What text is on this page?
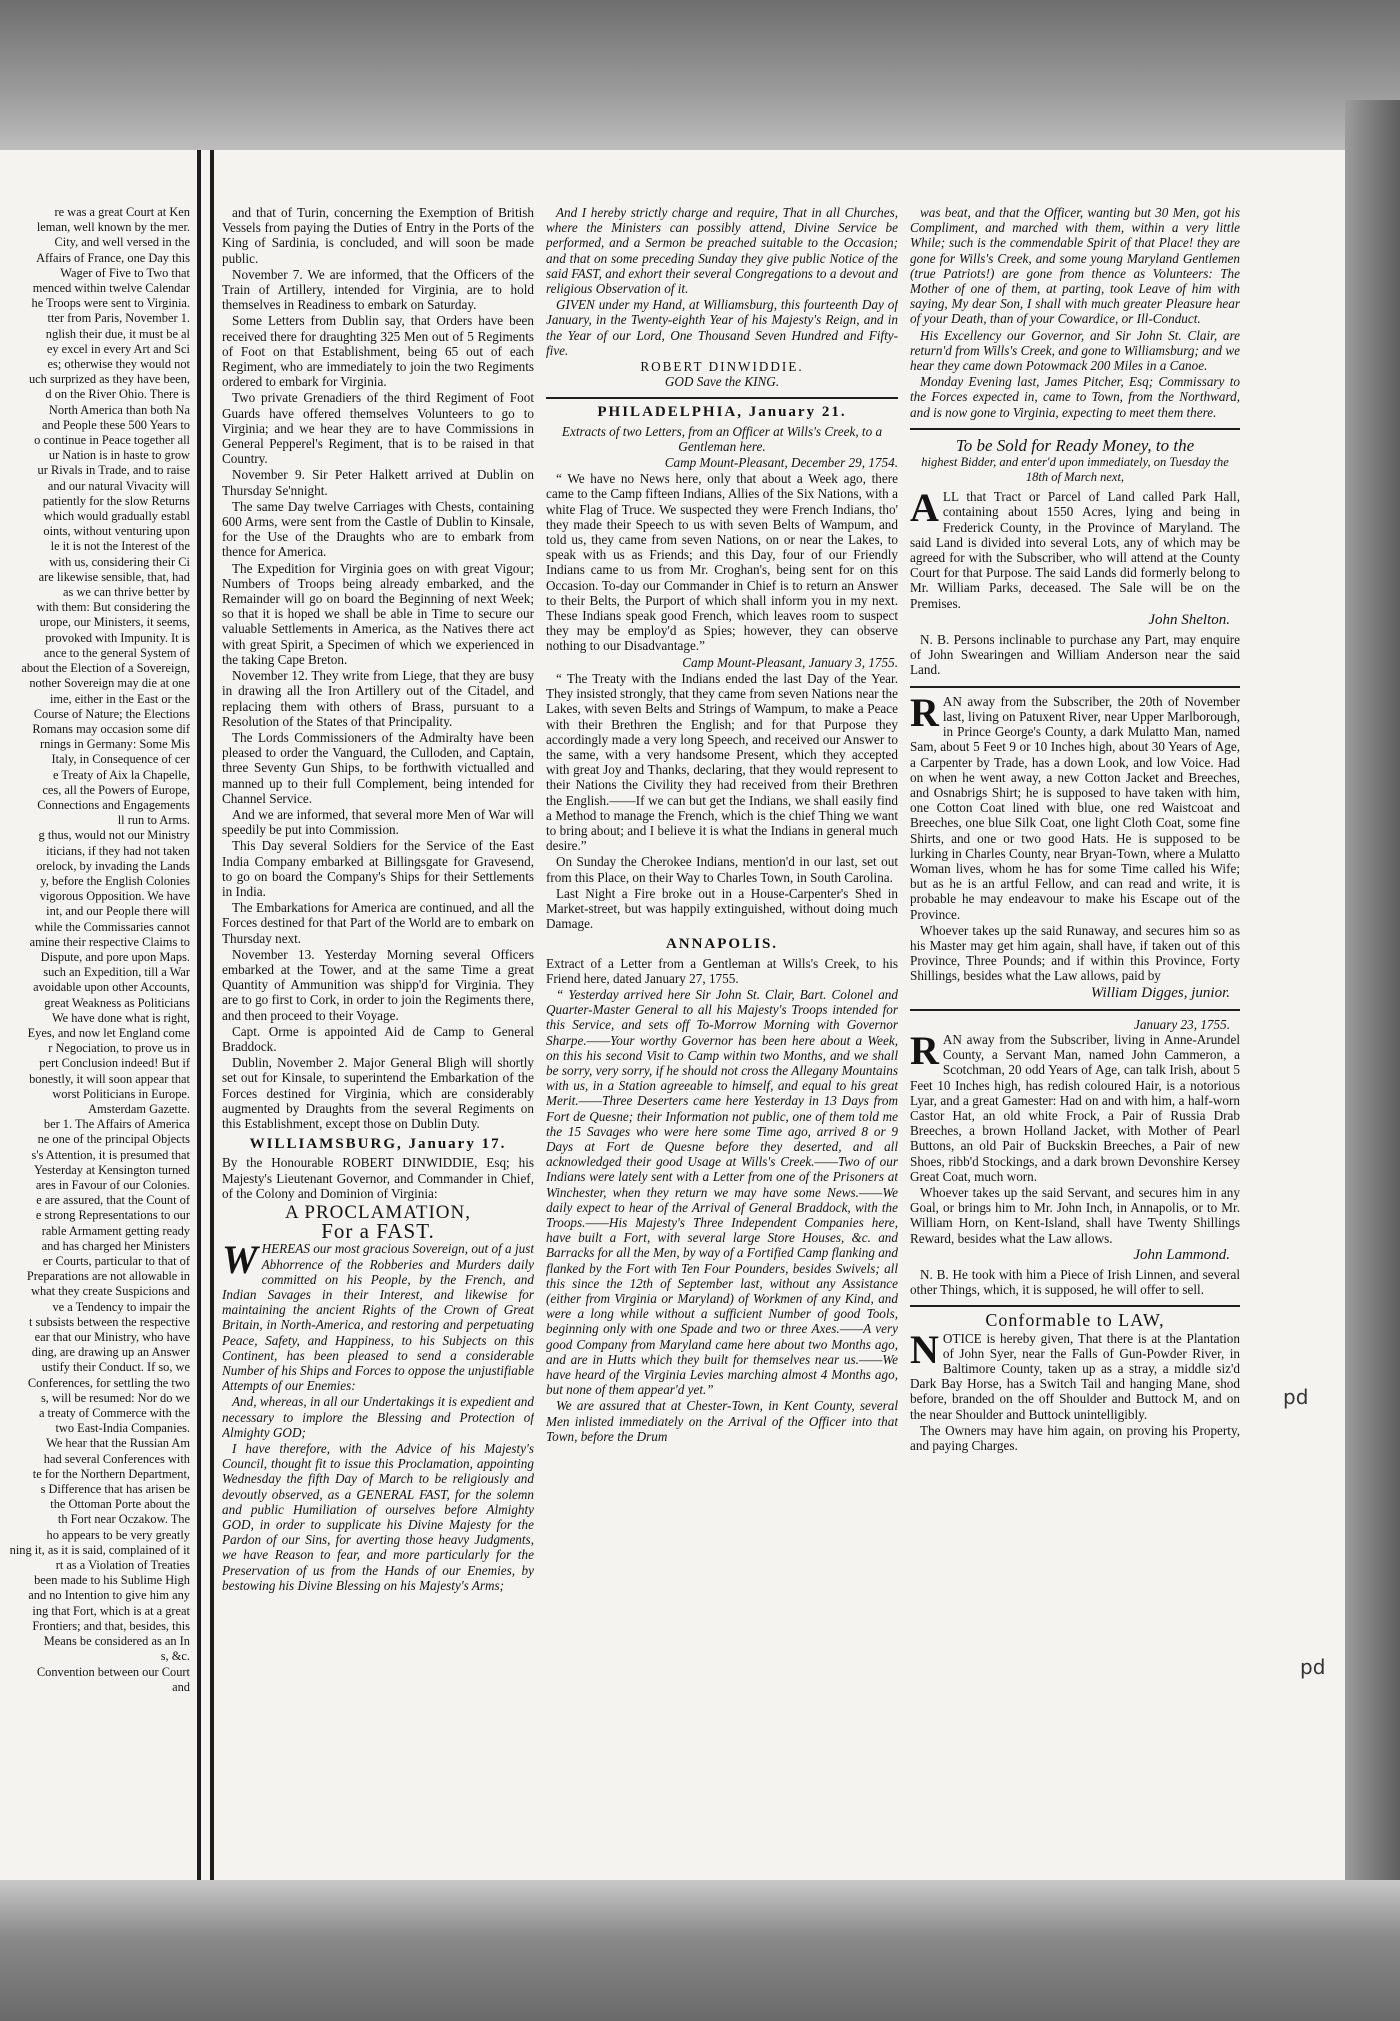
re was a great Court at Ken
leman, well known by the mer.
City, and well versed in the
Affairs of France, one Day this
Wager of Five to Two that
menced within twelve Calendar
he Troops were sent to Virginia.
tter from Paris, November 1.
nglish their due, it must be al
ey excel in every Art and Sci
es; otherwise they would not
uch surprized as they have been,
d on the River Ohio. There is
North America than both Na
and People these 500 Years to
o continue in Peace together all
ur Nation is in haste to grow
ur Rivals in Trade, and to raise
and our natural Vivacity will
patiently for the slow Returns
which would gradually establ
oints, without venturing upon
le it is not the Interest of the
with us, considering their Ci
are likewise sensible, that, had
as we can thrive better by
with them: But considering the
urope, our Ministers, it seems,
provoked with Impunity. It is
ance to the general System of
about the Election of a Sovereign,
nother Sovereign may die at one
ime, either in the East or the
Course of Nature; the Elections
Romans may occasion some dif
rnings in Germany: Some Mis
Italy, in Consequence of cer
e Treaty of Aix la Chapelle,
ces, all the Powers of Europe,
Connections and Engagements
ll run to Arms.
g thus, would not our Ministry
iticians, if they had not taken
orelock, by invading the Lands
y, before the English Colonies
vigorous Opposition. We have
int, and our People there will
while the Commissaries cannot
amine their respective Claims to
Dispute, and pore upon Maps.
such an Expedition, till a War
avoidable upon other Accounts,
great Weakness as Politicians
We have done what is right,
Eyes, and now let England come
r Negociation, to prove us in
pert Conclusion indeed! But if
bonestly, it will soon appear that
worst Politicians in Europe.
Amsterdam Gazette.
ber 1. The Affairs of America
ne one of the principal Objects
s's Attention, it is presumed that
Yesterday at Kensington turned
ares in Favour of our Colonies.
e are assured, that the Count of
e strong Representations to our
rable Armament getting ready
and has charged her Ministers
er Courts, particular to that of
Preparations are not allowable in
what they create Suspicions and
ve a Tendency to impair the
t subsists between the respective
ear that our Ministry, who have
ding, are drawing up an Answer
ustify their Conduct. If so, we
Conferences, for settling the two
s, will be resumed: Nor do we
a treaty of Commerce with the
two East-India Companies.
We hear that the Russian Am
had several Conferences with
te for the Northern Department,
s Difference that has arisen be
the Ottoman Porte about the
th Fort near Oczakow. The
ho appears to be very greatly
ning it, as it is said, complained of it
rt as a Violation of Treaties
been made to his Sublime High
and no Intention to give him any
ing that Fort, which is at a great
Frontiers; and that, besides, this
Means be considered as an In
s, &c.
Convention between our Court
and

and that of Turin, concerning the Exemption of British Vessels from paying the Duties of Entry in the Ports of the King of Sardinia, is concluded, and will soon be made public.

November 7. We are informed, that the Officers of the Train of Artillery, intended for Virginia, are to hold themselves in Readiness to embark on Saturday.

Some Letters from Dublin say, that Orders have been received there for draughting 325 Men out of 5 Regiments of Foot on that Establishment, being 65 out of each Regiment, who are immediately to join the two Regiments ordered to embark for Virginia.

Two private Grenadiers of the third Regiment of Foot Guards have offered themselves Volunteers to go to Virginia; and we hear they are to have Commissions in General Pepperel's Regiment, that is to be raised in that Country.

November 9. Sir Peter Halkett arrived at Dublin on Thursday Se'nnight.

The same Day twelve Carriages with Chests, containing 600 Arms, were sent from the Castle of Dublin to Kinsale, for the Use of the Draughts who are to embark from thence for America.

The Expedition for Virginia goes on with great Vigour; Numbers of Troops being already embarked, and the Remainder will go on board the Beginning of next Week; so that it is hoped we shall be able in Time to secure our valuable Settlements in America, as the Natives there act with great Spirit, a Specimen of which we experienced in the taking Cape Breton.

November 12. They write from Liege, that they are busy in drawing all the Iron Artillery out of the Citadel, and replacing them with others of Brass, pursuant to a Resolution of the States of that Principality.

The Lords Commissioners of the Admiralty have been pleased to order the Vanguard, the Culloden, and Captain, three Seventy Gun Ships, to be forthwith victualled and manned up to their full Complement, being intended for Channel Service.

And we are informed, that several more Men of War will speedily be put into Commission.

This Day several Soldiers for the Service of the East India Company embarked at Billingsgate for Gravesend, to go on board the Company's Ships for their Settlements in India.

The Embarkations for America are continued, and all the Forces destined for that Part of the World are to embark on Thursday next.

November 13. Yesterday Morning several Officers embarked at the Tower, and at the same Time a great Quantity of Ammunition was shipp'd for Virginia. They are to go first to Cork, in order to join the Regiments there, and then proceed to their Voyage.

Capt. Orme is appointed Aid de Camp to General Braddock.

Dublin, November 2. Major General Bligh will shortly set out for Kinsale, to superintend the Embarkation of the Forces destined for Virginia, which are considerably augmented by Draughts from the several Regiments on this Establishment, except those on Dublin Duty.

WILLIAMSBURG, January 17.

By the Honourable ROBERT DINWIDDIE, Esq; his Majesty's Lieutenant Governor, and Commander in Chief, of the Colony and Dominion of Virginia:

A PROCLAMATION,
For a FAST.

WHEREAS our most gracious Sovereign, out of a just Abhorrence of the Robberies and Murders daily committed on his People, by the French, and Indian Savages in their Interest, and likewise for maintaining the ancient Rights of the Crown of Great Britain, in North-America, and restoring and perpetuating Peace, Safety, and Happiness, to his Subjects on this Continent, has been pleased to send a considerable Number of his Ships and Forces to oppose the unjustifiable Attempts of our Enemies:

And, whereas, in all our Undertakings it is expedient and necessary to implore the Blessing and Protection of Almighty GOD;

I have therefore, with the Advice of his Majesty's Council, thought fit to issue this Proclamation, appointing Wednesday the fifth Day of March to be religiously and devoutly observed, as a GENERAL FAST, for the solemn and public Humiliation of ourselves before Almighty GOD, in order to supplicate his Divine Majesty for the Pardon of our Sins, for averting those heavy Judgments, we have Reason to fear, and more particularly for the Preservation of us from the Hands of our Enemies, by bestowing his Divine Blessing on his Majesty's Arms;

And I hereby strictly charge and require, That in all Churches, where the Ministers can possibly attend, Divine Service be performed, and a Sermon be preached suitable to the Occasion; and that on some preceding Sunday they give public Notice of the said FAST, and exhort their several Congregations to a devout and religious Observation of it.

GIVEN under my Hand, at Williamsburg, this fourteenth Day of January, in the Twenty-eighth Year of his Majesty's Reign, and in the Year of our Lord, One Thousand Seven Hundred and Fifty-five.

ROBERT DINWIDDIE.
GOD Save the KING.
PHILADELPHIA, January 21.

Extracts of two Letters, from an Officer at Wills's Creek, to a Gentleman here.

Camp Mount-Pleasant, December 29, 1754.

“ We have no News here, only that about a Week ago, there came to the Camp fifteen Indians, Allies of the Six Nations, with a white Flag of Truce. We suspected they were French Indians, tho' they made their Speech to us with seven Belts of Wampum, and told us, they came from seven Nations, on or near the Lakes, to speak with us as Friends; and this Day, four of our Friendly Indians came to us from Mr. Croghan's, being sent for on this Occasion. To-day our Commander in Chief is to return an Answer to their Belts, the Purport of which shall inform you in my next. These Indians speak good French, which leaves room to suspect they may be employ'd as Spies; however, they can observe nothing to our Disadvantage.”

Camp Mount-Pleasant, January 3, 1755.

“ The Treaty with the Indians ended the last Day of the Year. They insisted strongly, that they came from seven Nations near the Lakes, with seven Belts and Strings of Wampum, to make a Peace with their Brethren the English; and for that Purpose they accordingly made a very long Speech, and received our Answer to the same, with a very handsome Present, which they accepted with great Joy and Thanks, declaring, that they would represent to their Nations the Civility they had received from their Brethren the English.——If we can but get the Indians, we shall easily find a Method to manage the French, which is the chief Thing we want to bring about; and I believe it is what the Indians in general much desire.”

On Sunday the Cherokee Indians, mention'd in our last, set out from this Place, on their Way to Charles Town, in South Carolina.

Last Night a Fire broke out in a House-Carpenter's Shed in Market-street, but was happily extinguished, without doing much Damage.

ANNAPOLIS.

Extract of a Letter from a Gentleman at Wills's Creek, to his Friend here, dated January 27, 1755.

“ Yesterday arrived here Sir John St. Clair, Bart. Colonel and Quarter-Master General to all his Majesty's Troops intended for this Service, and sets off To-Morrow Morning with Governor Sharpe.——Your worthy Governor has been here about a Week, on this his second Visit to Camp within two Months, and we shall be sorry, very sorry, if he should not cross the Allegany Mountains with us, in a Station agreeable to himself, and equal to his great Merit.——Three Deserters came here Yesterday in 13 Days from Fort de Quesne; their Information not public, one of them told me the 15 Savages who were here some Time ago, arrived 8 or 9 Days at Fort de Quesne before they deserted, and all acknowledged their good Usage at Wills's Creek.——Two of our Indians were lately sent with a Letter from one of the Prisoners at Winchester, when they return we may have some News.——We daily expect to hear of the Arrival of General Braddock, with the Troops.——His Majesty's Three Independent Companies here, have built a Fort, with several large Store Houses, &c. and Barracks for all the Men, by way of a Fortified Camp flanking and flanked by the Fort with Ten Four Pounders, besides Swivels; all this since the 12th of September last, without any Assistance (either from Virginia or Maryland) of Workmen of any Kind, and were a long while without a sufficient Number of good Tools, beginning only with one Spade and two or three Axes.——A very good Company from Maryland came here about two Months ago, and are in Hutts which they built for themselves near us.——We have heard of the Virginia Levies marching almost 4 Months ago, but none of them appear'd yet.”

We are assured that at Chester-Town, in Kent County, several Men inlisted immediately on the Arrival of the Officer into that Town, before the Drum

was beat, and that the Officer, wanting but 30 Men, got his Compliment, and marched with them, within a very little While; such is the commendable Spirit of that Place! they are gone for Wills's Creek, and some young Maryland Gentlemen (true Patriots!) are gone from thence as Volunteers: The Mother of one of them, at parting, took Leave of him with saying, My dear Son, I shall with much greater Pleasure hear of your Death, than of your Cowardice, or Ill-Conduct.

His Excellency our Governor, and Sir John St. Clair, are return'd from Wills's Creek, and gone to Williamsburg; and we hear they came down Potowmack 200 Miles in a Canoe.

Monday Evening last, James Pitcher, Esq; Commissary to the Forces expected in, came to Town, from the Northward, and is now gone to Virginia, expecting to meet them there.

To be Sold for Ready Money, to the
highest Bidder, and enter'd upon immediately, on Tuesday the 18th of March next,

ALL that Tract or Parcel of Land called Park Hall, containing about 1550 Acres, lying and being in Frederick County, in the Province of Maryland. The said Land is divided into several Lots, any of which may be agreed for with the Subscriber, who will attend at the County Court for that Purpose. The said Lands did formerly belong to Mr. William Parks, deceased. The Sale will be on the Premises.

John Shelton.

N. B. Persons inclinable to purchase any Part, may enquire of John Swearingen and William Anderson near the said Land.

RAN away from the Subscriber, the 20th of November last, living on Patuxent River, near Upper Marlborough, in Prince George's County, a dark Mulatto Man, named Sam, about 5 Feet 9 or 10 Inches high, about 30 Years of Age, a Carpenter by Trade, has a down Look, and low Voice. Had on when he went away, a new Cotton Jacket and Breeches, and Osnabrigs Shirt; he is supposed to have taken with him, one Cotton Coat lined with blue, one red Waistcoat and Breeches, one blue Silk Coat, one light Cloth Coat, some fine Shirts, and one or two good Hats. He is supposed to be lurking in Charles County, near Bryan-Town, where a Mulatto Woman lives, whom he has for some Time called his Wife; but as he is an artful Fellow, and can read and write, it is probable he may endeavour to make his Escape out of the Province.

Whoever takes up the said Runaway, and secures him so as his Master may get him again, shall have, if taken out of this Province, Three Pounds; and if within this Province, Forty Shillings, besides what the Law allows, paid by

William Digges, junior.
January 23, 1755.

RAN away from the Subscriber, living in Anne-Arundel County, a Servant Man, named John Cammeron, a Scotchman, 20 odd Years of Age, can talk Irish, about 5 Feet 10 Inches high, has redish coloured Hair, is a notorious Lyar, and a great Gamester: Had on and with him, a half-worn Castor Hat, an old white Frock, a Pair of Russia Drab Breeches, a brown Holland Jacket, with Mother of Pearl Buttons, an old Pair of Buckskin Breeches, a Pair of new Shoes, ribb'd Stockings, and a dark brown Devonshire Kersey Great Coat, much worn.

Whoever takes up the said Servant, and secures him in any Goal, or brings him to Mr. John Inch, in Annapolis, or to Mr. William Horn, on Kent-Island, shall have Twenty Shillings Reward, besides what the Law allows.

John Lammond.

N. B. He took with him a Piece of Irish Linnen, and several other Things, which, it is supposed, he will offer to sell.

Conformable to LAW,

NOTICE is hereby given, That there is at the Plantation of John Syer, near the Falls of Gun-Powder River, in Baltimore County, taken up as a stray, a middle siz'd Dark Bay Horse, has a Switch Tail and hanging Mane, shod before, branded on the off Shoulder and Buttock M, and on the near Shoulder and Buttock unintelligibly.

The Owners may have him again, on proving his Property, and paying Charges.

pd
pd
